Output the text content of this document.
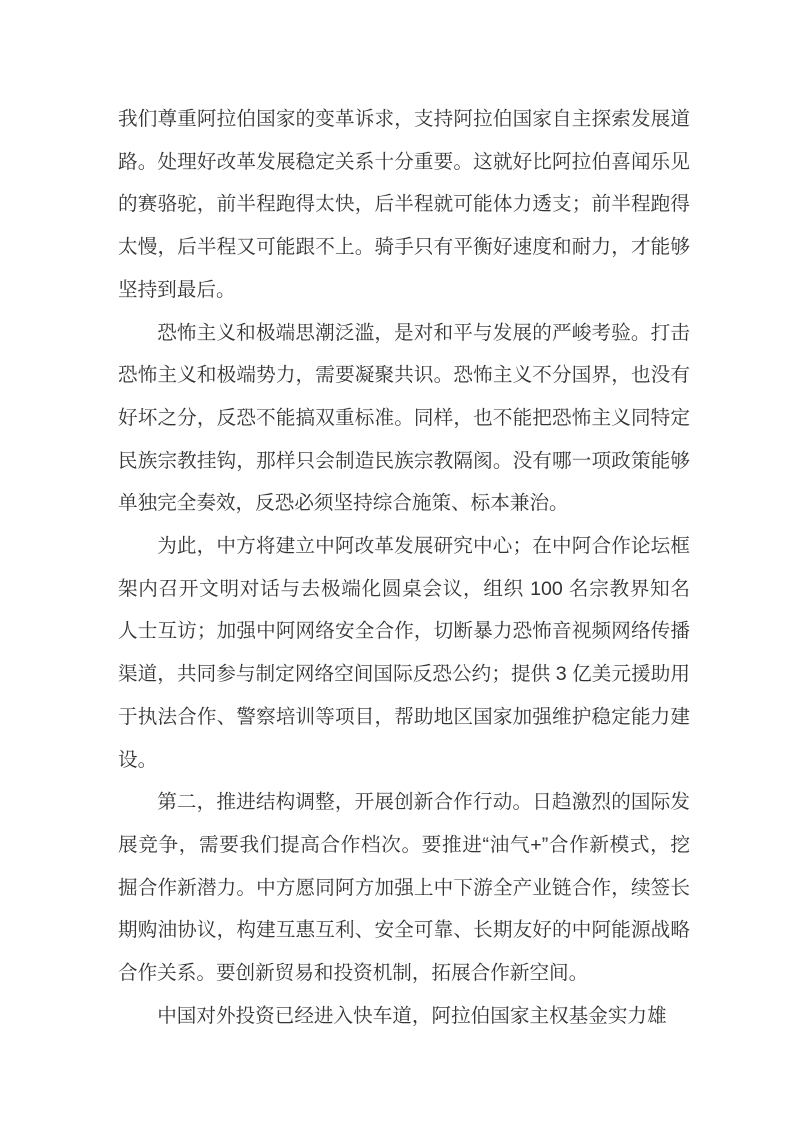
我们尊重阿拉伯国家的变革诉求，支持阿拉伯国家自主探索发展道路。处理好改革发展稳定关系十分重要。这就好比阿拉伯喜闻乐见的赛骆驼，前半程跑得太快，后半程就可能体力透支；前半程跑得太慢，后半程又可能跟不上。骑手只有平衡好速度和耐力，才能够坚持到最后。

恐怖主义和极端思潮泛滥，是对和平与发展的严峻考验。打击恐怖主义和极端势力，需要凝聚共识。恐怖主义不分国界，也没有好坏之分，反恐不能搞双重标准。同样，也不能把恐怖主义同特定民族宗教挂钩，那样只会制造民族宗教隔阂。没有哪一项政策能够单独完全奏效，反恐必须坚持综合施策、标本兼治。

为此，中方将建立中阿改革发展研究中心；在中阿合作论坛框架内召开文明对话与去极端化圆桌会议，组织 100 名宗教界知名人士互访；加强中阿网络安全合作，切断暴力恐怖音视频网络传播渠道，共同参与制定网络空间国际反恐公约；提供 3 亿美元援助用于执法合作、警察培训等项目，帮助地区国家加强维护稳定能力建设。

第二，推进结构调整，开展创新合作行动。日趋激烈的国际发展竞争，需要我们提高合作档次。要推进“油气+”合作新模式，挖掘合作新潜力。中方愿同阿方加强上中下游全产业链合作，续签长期购油协议，构建互惠互利、安全可靠、长期友好的中阿能源战略合作关系。要创新贸易和投资机制，拓展合作新空间。

中国对外投资已经进入快车道，阿拉伯国家主权基金实力雄
